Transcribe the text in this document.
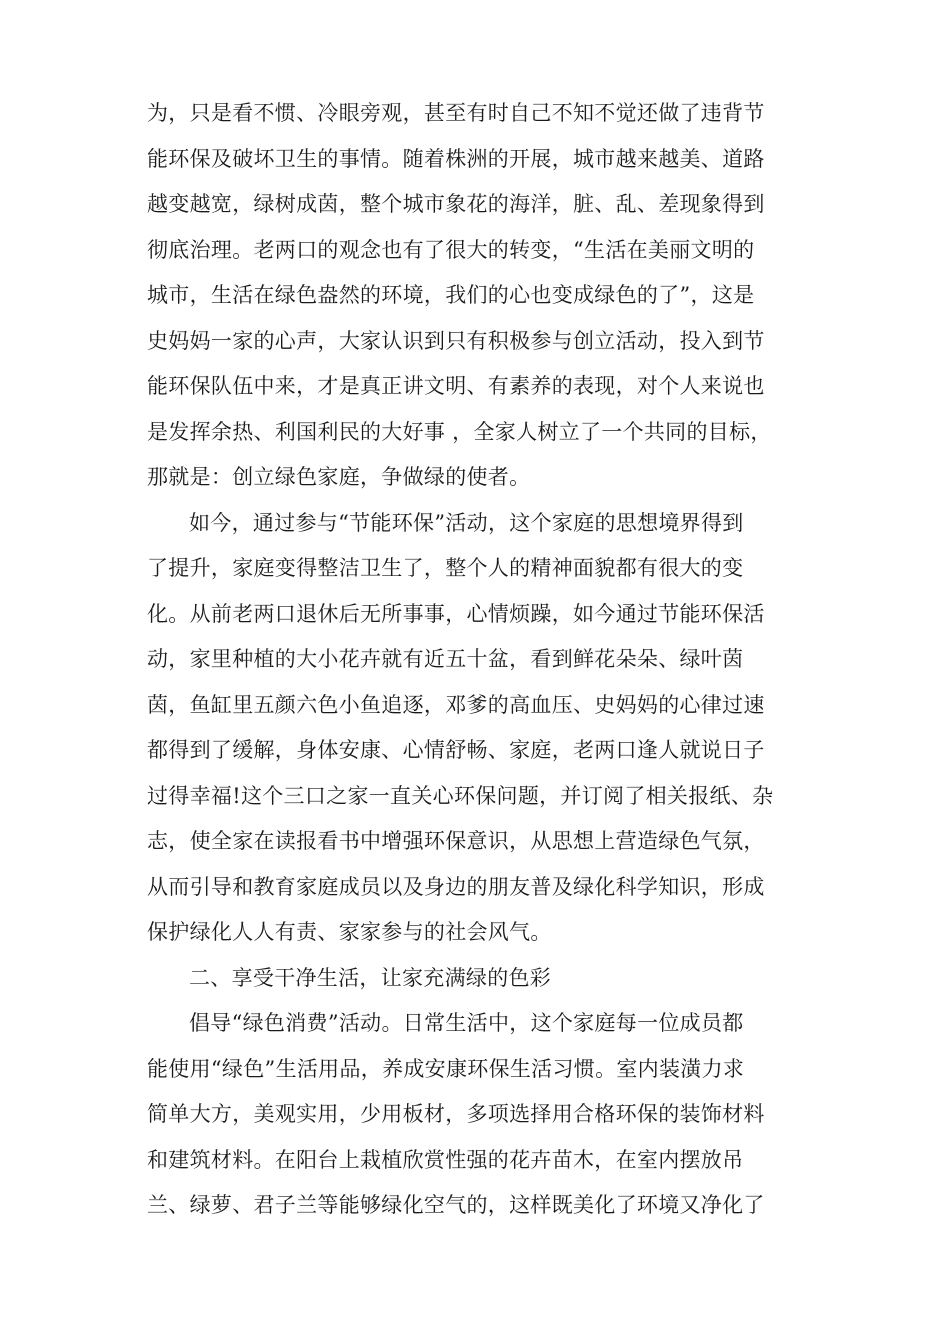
为，只是看不惯、冷眼旁观，甚至有时自己不知不觉还做了违背节
能环保及破坏卫生的事情。随着株洲的开展，城市越来越美、道路
越变越宽，绿树成茵，整个城市象花的海洋，脏、乱、差现象得到
彻底治理。老两口的观念也有了很大的转变，“生活在美丽文明的
城市，生活在绿色盎然的环境，我们的心也变成绿色的了”，这是
史妈妈一家的心声，大家认识到只有积极参与创立活动，投入到节
能环保队伍中来，才是真正讲文明、有素养的表现，对个人来说也
是发挥余热、利国利民的大好事 ，全家人树立了一个共同的目标，
那就是：创立绿色家庭，争做绿的使者。
如今，通过参与“节能环保”活动，这个家庭的思想境界得到
了提升，家庭变得整洁卫生了，整个人的精神面貌都有很大的变
化。从前老两口退休后无所事事，心情烦躁，如今通过节能环保活
动，家里种植的大小花卉就有近五十盆，看到鲜花朵朵、绿叶茵
茵，鱼缸里五颜六色小鱼追逐，邓爹的高血压、史妈妈的心律过速
都得到了缓解，身体安康、心情舒畅、家庭，老两口逢人就说日子
过得幸福!这个三口之家一直关心环保问题，并订阅了相关报纸、杂
志，使全家在读报看书中增强环保意识，从思想上营造绿色气氛，
从而引导和教育家庭成员以及身边的朋友普及绿化科学知识，形成
保护绿化人人有责、家家参与的社会风气。
二、享受干净生活，让家充满绿的色彩
倡导“绿色消费”活动。日常生活中，这个家庭每一位成员都
能使用“绿色”生活用品，养成安康环保生活习惯。室内装潢力求
简单大方，美观实用，少用板材，多项选择用合格环保的装饰材料
和建筑材料。在阳台上栽植欣赏性强的花卉苗木，在室内摆放吊
兰、绿萝、君子兰等能够绿化空气的，这样既美化了环境又净化了
